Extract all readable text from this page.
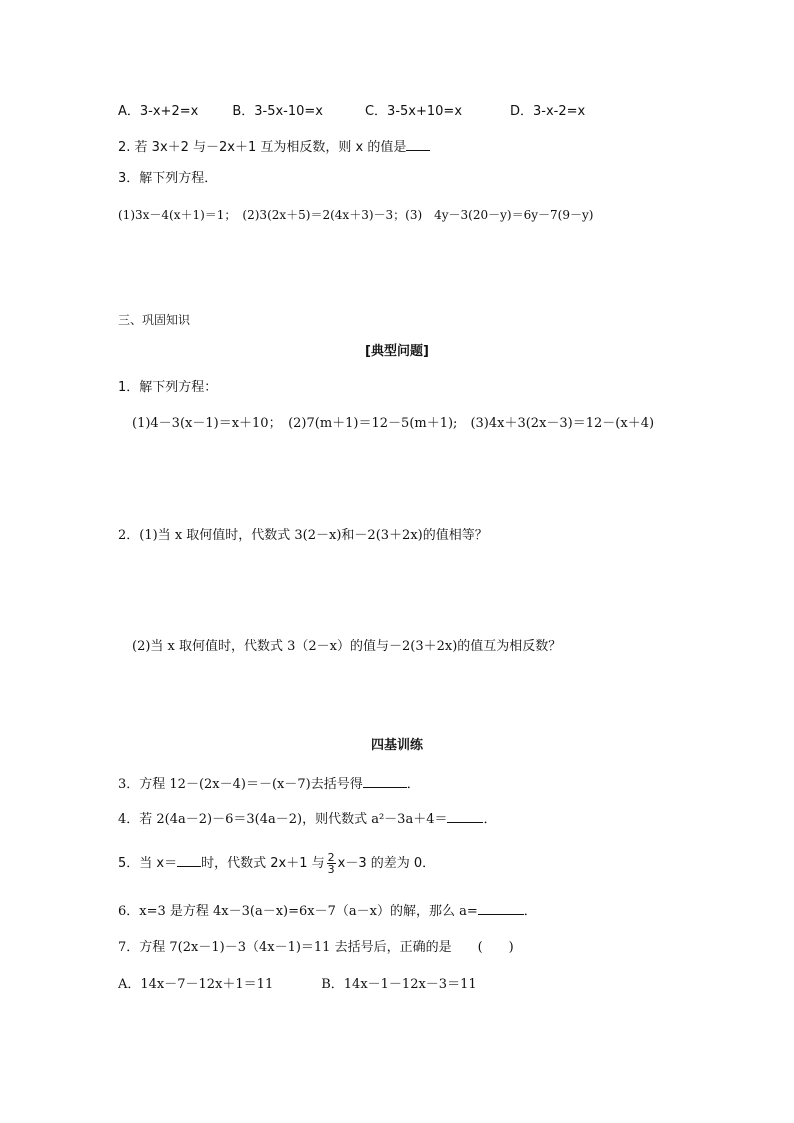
A．3-x+2=x	B．3-5x-10=x	C．3-5x+10=x	D．3-x-2=x
2. 若 3x＋2 与－2x＋1 互为相反数，则 x 的值是
3．解下列方程．
(1)3x－4(x＋1)＝1；　(2)3(2x＋5)＝2(4x＋3)－3；(3)　4y－3(20－y)＝6y－7(9－y)
三、巩固知识
[典型问题]
1．解下列方程：
(1)4－3(x－1)＝x＋10；　(2)7(m＋1)＝12－5(m＋1);　(3)4x＋3(2x－3)＝12－(x＋4)
2．(1)当 x 取何值时，代数式 3(2－x)和－2(3＋2x)的值相等？
(2)当 x 取何值时，代数式 3（2－x）的值与－2(3＋2x)的值互为相反数？
四基训练
3．方程 12－(2x－4)＝－(x－7)去括号得	．
4．若 2(4a－2)－6＝3(4a－2)，则代数式 a²－3a＋4＝	．
5．当 x＝ 时，代数式 2x＋1 与 $\frac{2}{3} x-3$ 的差为 0．
6．x=3 是方程 4x－3(a－x)=6x－7（a－x）的解，那么 a=	．
7．方程 7(2x－1)－3（4x－1)＝11 去括号后，正确的是　　(　　)
A．14x－7－12x＋1＝11	B．14x－1－12x－3＝11
